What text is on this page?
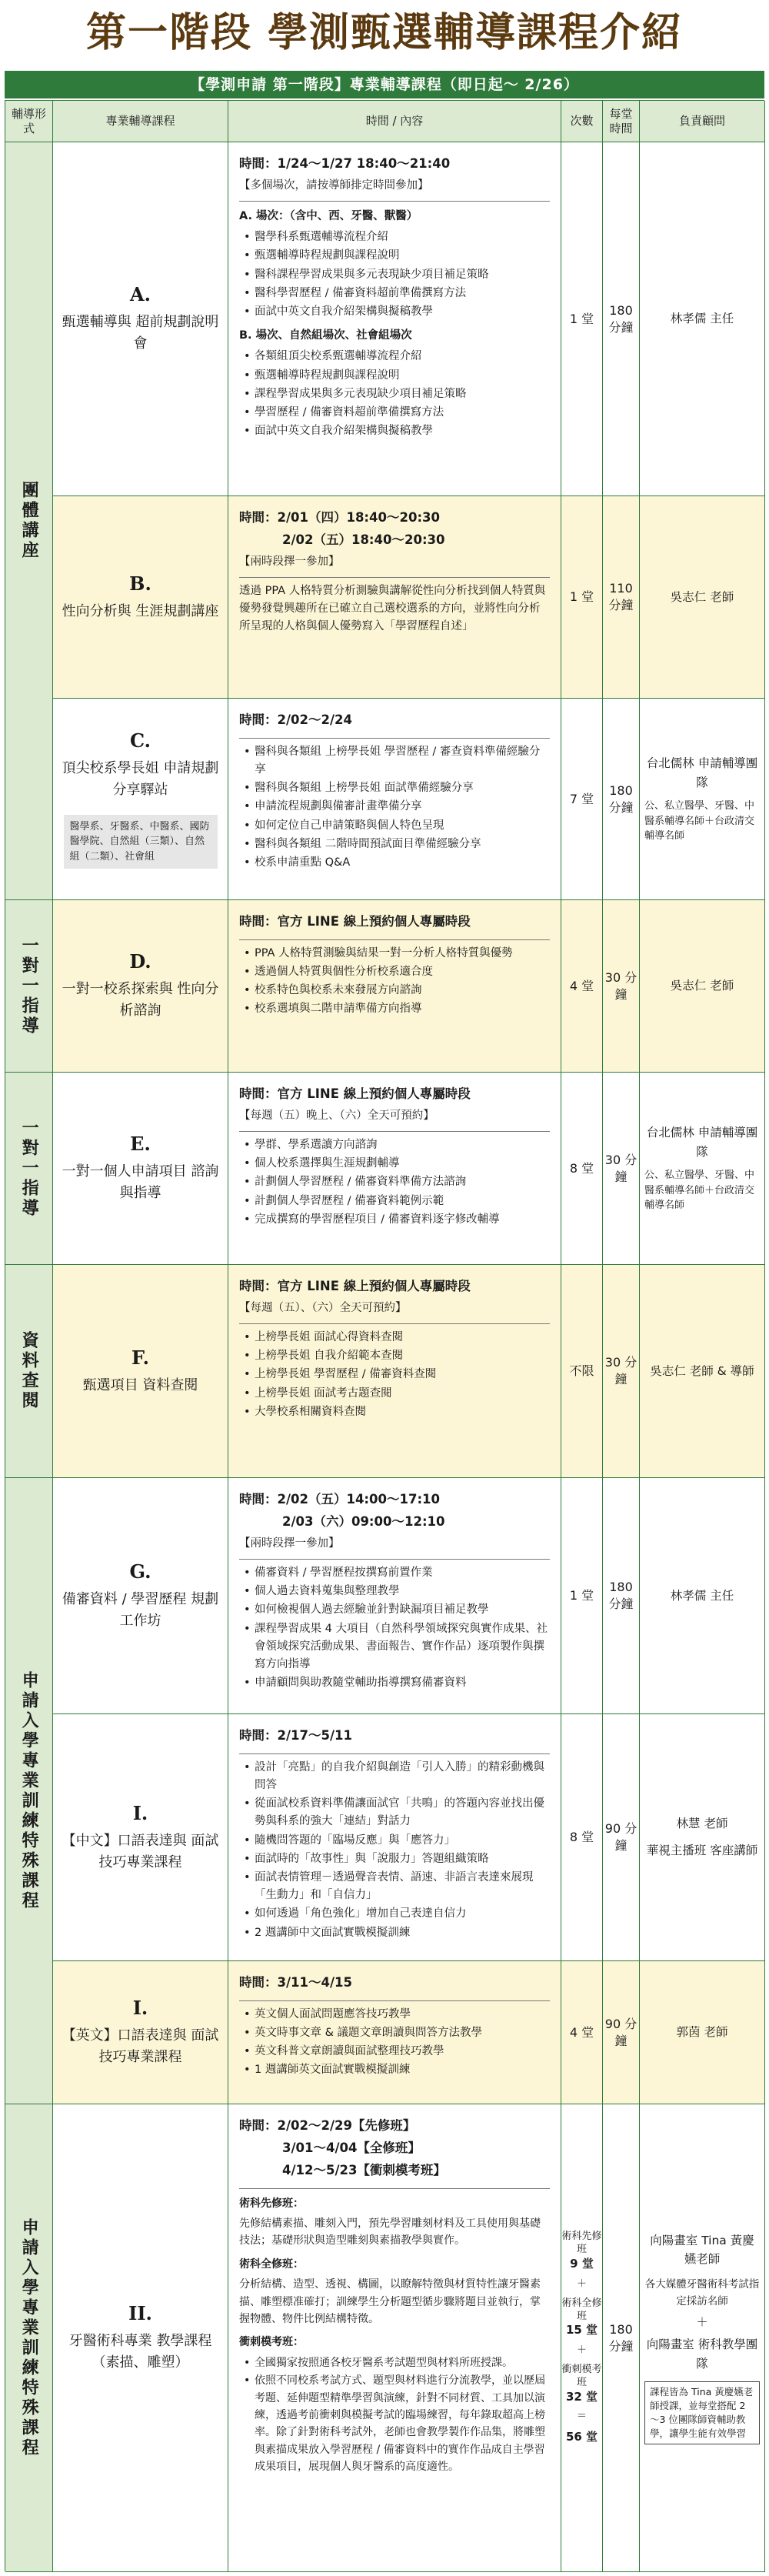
第一階段 學測甄選輔導課程介紹
【學測申請 第一階段】專業輔導課程（即日起～ 2/26）
輔導形式
專業輔導課程	時間 / 內容	次數
每堂時間
負責顧問
團體講座
一對一指導
一對一指導
資料查閱
申請入學專業訓練特殊課程
申請入學專業訓練特殊課程
A.
甄選輔導與 超前規劃說明會
時間：1/24～1/27 18:40～21:40
【多個場次，請按導師排定時間參加】
A. 場次：（含中、西、牙醫、獸醫）
• 醫學科系甄選輔導流程介紹
• 甄選輔導時程規劃與課程說明
• 醫科課程學習成果與多元表現缺少項目補足策略
• 醫科學習歷程 / 備審資料超前準備撰寫方法
• 面試中英文自我介紹架構與擬稿教學
B. 場次、自然組場次、社會組場次
• 各類組頂尖校系甄選輔導流程介紹
• 甄選輔導時程規劃與課程說明
• 課程學習成果與多元表現缺少項目補足策略
• 學習歷程 / 備審資料超前準備撰寫方法
• 面試中英文自我介紹架構與擬稿教學
1 堂
180 分鐘
林孝儒 主任
B.
性向分析與 生涯規劃講座
時間：2/01（四）18:40～20:30
2/02（五）18:40～20:30
【兩時段擇一參加】
透過 PPA 人格特質分析測驗與講解從性向分析找到個人特質與優勢發覺興趣所在已確立自己選校選系的方向，並將性向分析所呈現的人格與個人優勢寫入「學習歷程自述」
1 堂
110 分鐘
吳志仁 老師
C.
頂尖校系學長姐 申請規劃分享驛站
醫學系、牙醫系、中醫系、國防醫學院、自然組（三類）、自然組（二類）、社會組
時間：2/02～2/24
• 醫科與各類組 上榜學長姐 學習歷程 / 審查資料準備經驗分享
• 醫科與各類組 上榜學長姐 面試準備經驗分享
• 申請流程規劃與備審計畫準備分享
• 如何定位自己申請策略與個人特色呈現
• 醫科與各類組 二階時間預試面目準備經驗分享
• 校系申請重點 Q&A
7 堂
180 分鐘
台北儒林 申請輔導團隊
公、私立醫學、牙醫、中醫系輔導名師＋台政清交輔導名師
D.
一對一校系探索與 性向分析諮詢
時間：官方 LINE 線上預約個人專屬時段
• PPA 人格特質測驗與結果一對一分析人格特質與優勢
• 透過個人特質與個性分析校系適合度
• 校系特色與校系未來發展方向諮詢
• 校系選填與二階申請準備方向指導
4 堂
30 分鐘
吳志仁 老師
E.
一對一個人申請項目 諮詢與指導
時間：官方 LINE 線上預約個人專屬時段
【每週（五）晚上、（六）全天可預約】
• 學群、學系選讀方向諮詢
• 個人校系選擇與生涯規劃輔導
• 計劃個人學習歷程 / 備審資料準備方法諮詢
• 計劃個人學習歷程 / 備審資料範例示範
• 完成撰寫的學習歷程項目 / 備審資料逐字修改輔導
8 堂
30 分鐘
台北儒林 申請輔導團隊
公、私立醫學、牙醫、中醫系輔導名師＋台政清交輔導名師
F.
甄選項目 資料查閱
時間：官方 LINE 線上預約個人專屬時段
【每週（五）、（六）全天可預約】
• 上榜學長姐 面試心得資料查閱
• 上榜學長姐 自我介紹範本查閱
• 上榜學長姐 學習歷程 / 備審資料查閱
• 上榜學長姐 面試考古題查閱
• 大學校系相關資料查閱
不限
30 分鐘
吳志仁 老師 & 導師
G.
備審資料 / 學習歷程 規劃工作坊
時間：2/02（五）14:00～17:10
2/03（六）09:00～12:10
【兩時段擇一參加】
• 備審資料 / 學習歷程按撰寫前置作業
• 個人過去資料蒐集與整理教學
• 如何檢視個人過去經驗並針對缺漏項目補足教學
• 課程學習成果 4 大項目（自然科學領域探究與實作成果、社會領域探究活動成果、書面報告、實作作品）逐項製作與撰寫方向指導
• 申請顧問與助教隨堂輔助指導撰寫備審資料
1 堂
180 分鐘
林孝儒 主任
I.
【中文】口語表達與 面試技巧專業課程
時間：2/17～5/11
• 設計「亮點」的自我介紹與創造「引人入勝」的精彩動機與問答
• 從面試校系資料準備讓面試官「共鳴」的答題內容並找出優勢與科系的強大「連結」對話力
• 隨機問答題的「臨場反應」與「應答力」
• 面試時的「故事性」與「說服力」答題組織策略
• 面試表情管理－透過聲音表情、語速、非語言表達來展現「生動力」和「自信力」
• 如何透過「角色強化」增加自己表達自信力
• 2 週講師中文面試實戰模擬訓練
8 堂
90 分鐘
林慧 老師
華視主播班 客座講師
I.
【英文】口語表達與 面試技巧專業課程
時間：3/11～4/15
• 英文個人面試問題應答技巧教學
• 英文時事文章 & 議題文章朗讀與問答方法教學
• 英文科普文章朗讀與面試整理技巧教學
• 1 週講師英文面試實戰模擬訓練
4 堂
90 分鐘
郭茵 老師
II.
牙醫術科專業 教學課程 （素描、雕塑）
時間：2/02～2/29【先修班】
3/01～4/04【全修班】
4/12～5/23【衝刺模考班】
術科先修班：
先修結構素描、雕刻入門，預先學習雕刻材料及工具使用與基礎技法；基礎形狀與造型雕刻與素描教學與實作。
術科全修班：
分析結構、造型、透視、構圖，以瞭解特徵與材質特性讓牙醫素描、雕塑標准確打；訓練學生分析題型循步驟將題目並執行，掌握物體、物件比例結構特徵。
衝刺模考班：
• 全國獨家按照通各校牙醫系考試題型與材料所班授課。
• 依照不同校系考試方式、題型與材料進行分流教學，並以歷屆考題、延伸題型精準學習與演練，針對不同材質、工具加以演練，透過考前衝刺與模擬考試的臨場練習，每年錄取超高上榜率。除了針對術科考試外，老師也會教學製作作品集，將雕塑與素描成果放入學習歷程 / 備審資料中的實作作品成自主學習成果項目，展現個人與牙醫系的高度適性。
術科先修班
9 堂
＋
術科全修班
15 堂
＋
衝刺模考班
32 堂
＝
56 堂
180 分鐘
向陽畫室 Tina 黃慶嬿老師
各大媒體牙醫術科考試指定採訪名師
＋
向陽畫室 術科教學團隊
課程皆為 Tina 黃慶嬿老師授課，並每堂搭配 2～3 位團隊師資輔助教學，讓學生能有效學習
